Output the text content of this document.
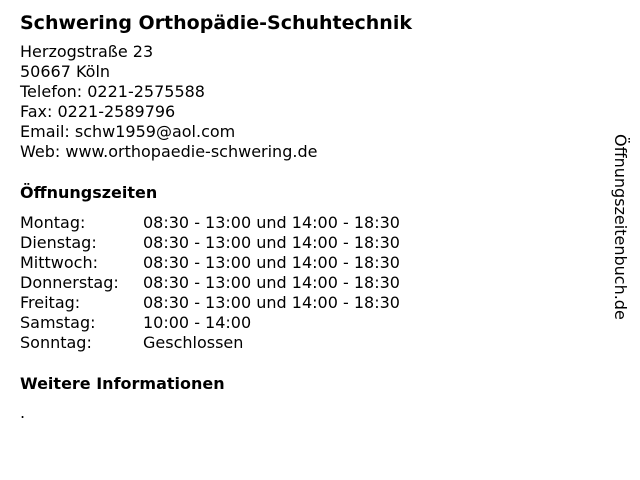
Schwering Orthopädie-Schuhtechnik
Herzogstraße 23
50667 Köln
Telefon: 0221-2575588
Fax: 0221-2589796
Email: schw1959@aol.com
Web: www.orthopaedie-schwering.de
Öffnungszeiten
Montag:	08:30 - 13:00 und 14:00 - 18:30
Dienstag:	08:30 - 13:00 und 14:00 - 18:30
Mittwoch:	08:30 - 13:00 und 14:00 - 18:30
Donnerstag:	08:30 - 13:00 und 14:00 - 18:30
Freitag:	08:30 - 13:00 und 14:00 - 18:30
Samstag:	10:00 - 14:00
Sonntag:	Geschlossen
Weitere Informationen
.
Öffnungszeitenbuch.de
